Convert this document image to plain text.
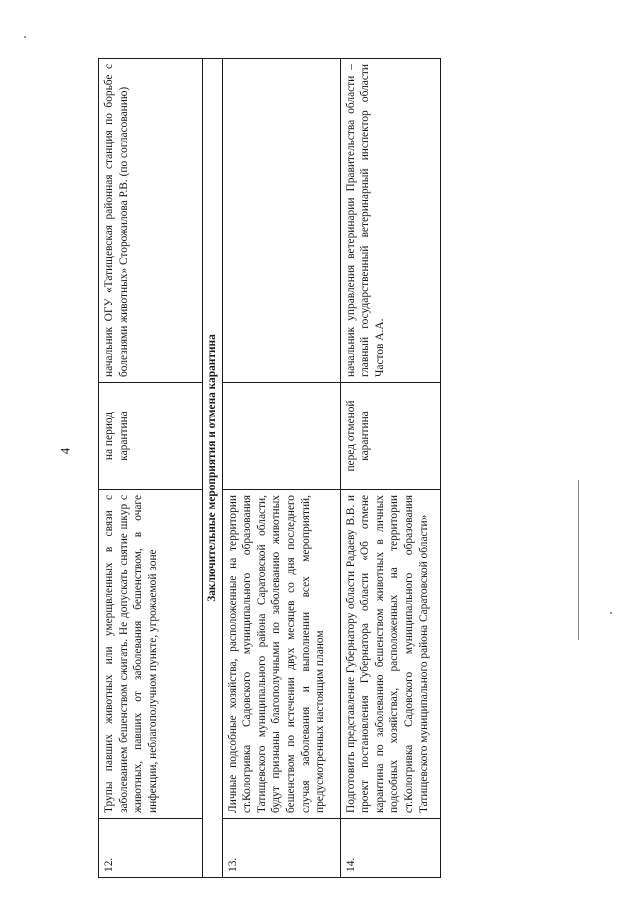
4
12.	Трупы павших животных или умерщвленных в связи с заболеванием бешенством сжигать. Не допускать снятие шкур с животных, павших от заболевания бешенством, в очаге инфекции, неблагополучном пункте, угрожаемой зоне	на период карантина	начальник ОГУ «Татищевская районная станция по борьбе с болезнями животных» Сторожилова Р.В. (по согласованию)
Заключительные мероприятия и отмена карантина			
13.	Личные подсобные хозяйства, расположенные на территории ст.Кологривка Садовского муниципального образования Татищевского муниципального района Саратовской области, будут признаны благополучными по заболеванию животных бешенством по истечении двух месяцев со дня последнего случая заболевания и выполнении всех мероприятий, предусмотренных настоящим планом		
14.	Подготовить представление Губернатору области Радаеву В.В. и проект постановления Губернатора области «Об отмене карантина по заболеванию бешенством животных в личных подсобных хозяйствах, расположенных на территории ст.Кологривка Садовского муниципального образования Татищевского муниципального района Саратовской области»	перед отменой карантина	начальник управления ветеринарии Правительства области – главный государственный ветеринарный инспектор области Частов А.А.
